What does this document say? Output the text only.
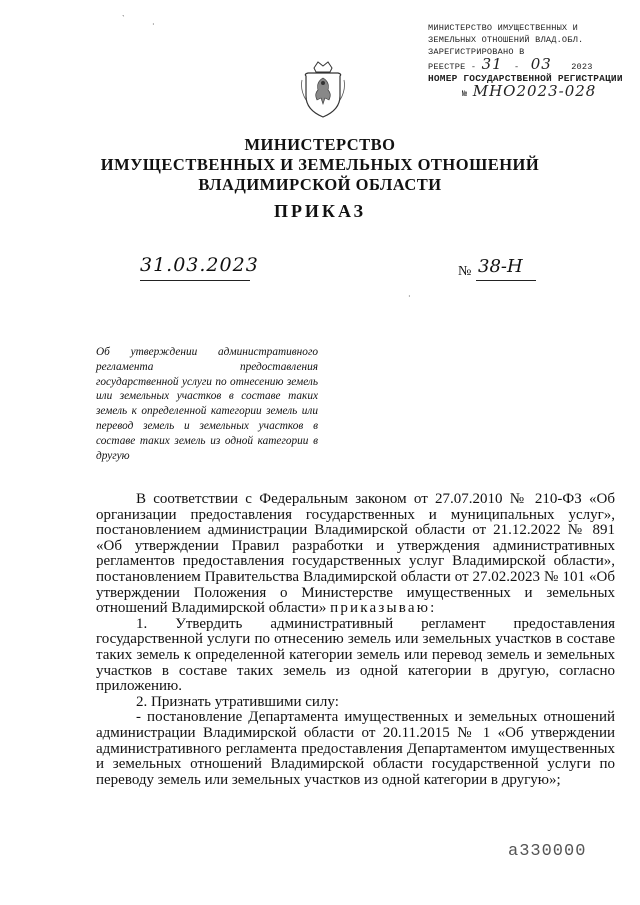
МИНИСТЕРСТВО ИМУЩЕСТВЕННЫХ И
ЗЕМЕЛЬНЫХ ОТНОШЕНИЙ ВЛАД.ОБЛ.
ЗАРЕГИСТРИРОВАНО В
РЕЕСТРЕ - 31 - 03 2023
НОМЕР ГОСУДАРСТВЕННОЙ РЕГИСТРАЦИИ
№ MHO2023-028
МИНИСТЕРСТВО
ИМУЩЕСТВЕННЫХ И ЗЕМЕЛЬНЫХ ОТНОШЕНИЙ
ВЛАДИМИРСКОЙ ОБЛАСТИ
ПРИКАЗ
31.03.2023	№ 38-Н
`
·
·
Об утверждении административного регламента предоставления государственной услуги по отнесению земель или земельных участков в составе таких земель к определенной категории земель или перевод земель и земельных участков в составе таких земель из одной категории в другую

В соответствии с Федеральным законом от 27.07.2010 № 210-ФЗ «Об организации предоставления государственных и муниципальных услуг», постановлением администрации Владимирской области от 21.12.2022 № 891 «Об утверждении Правил разработки и утверждения административных регламентов предоставления государственных услуг Владимирской области», постановлением Правительства Владимирской области от 27.02.2023 № 101 «Об утверждении Положения о Министерстве имущественных и земельных отношений Владимирской области» приказываю:

1. Утвердить административный регламент предоставления государственной услуги по отнесению земель или земельных участков в составе таких земель к определенной категории земель или перевод земель и земельных участков в составе таких земель из одной категории в другую, согласно приложению.

2. Признать утратившими силу:

- постановление Департамента имущественных и земельных отношений администрации Владимирской области от 20.11.2015 № 1 «Об утверждении административного регламента предоставления Департаментом имущественных и земельных отношений Владимирской области государственной услуги по переводу земель или земельных участков из одной категории в другую»;

a330000
